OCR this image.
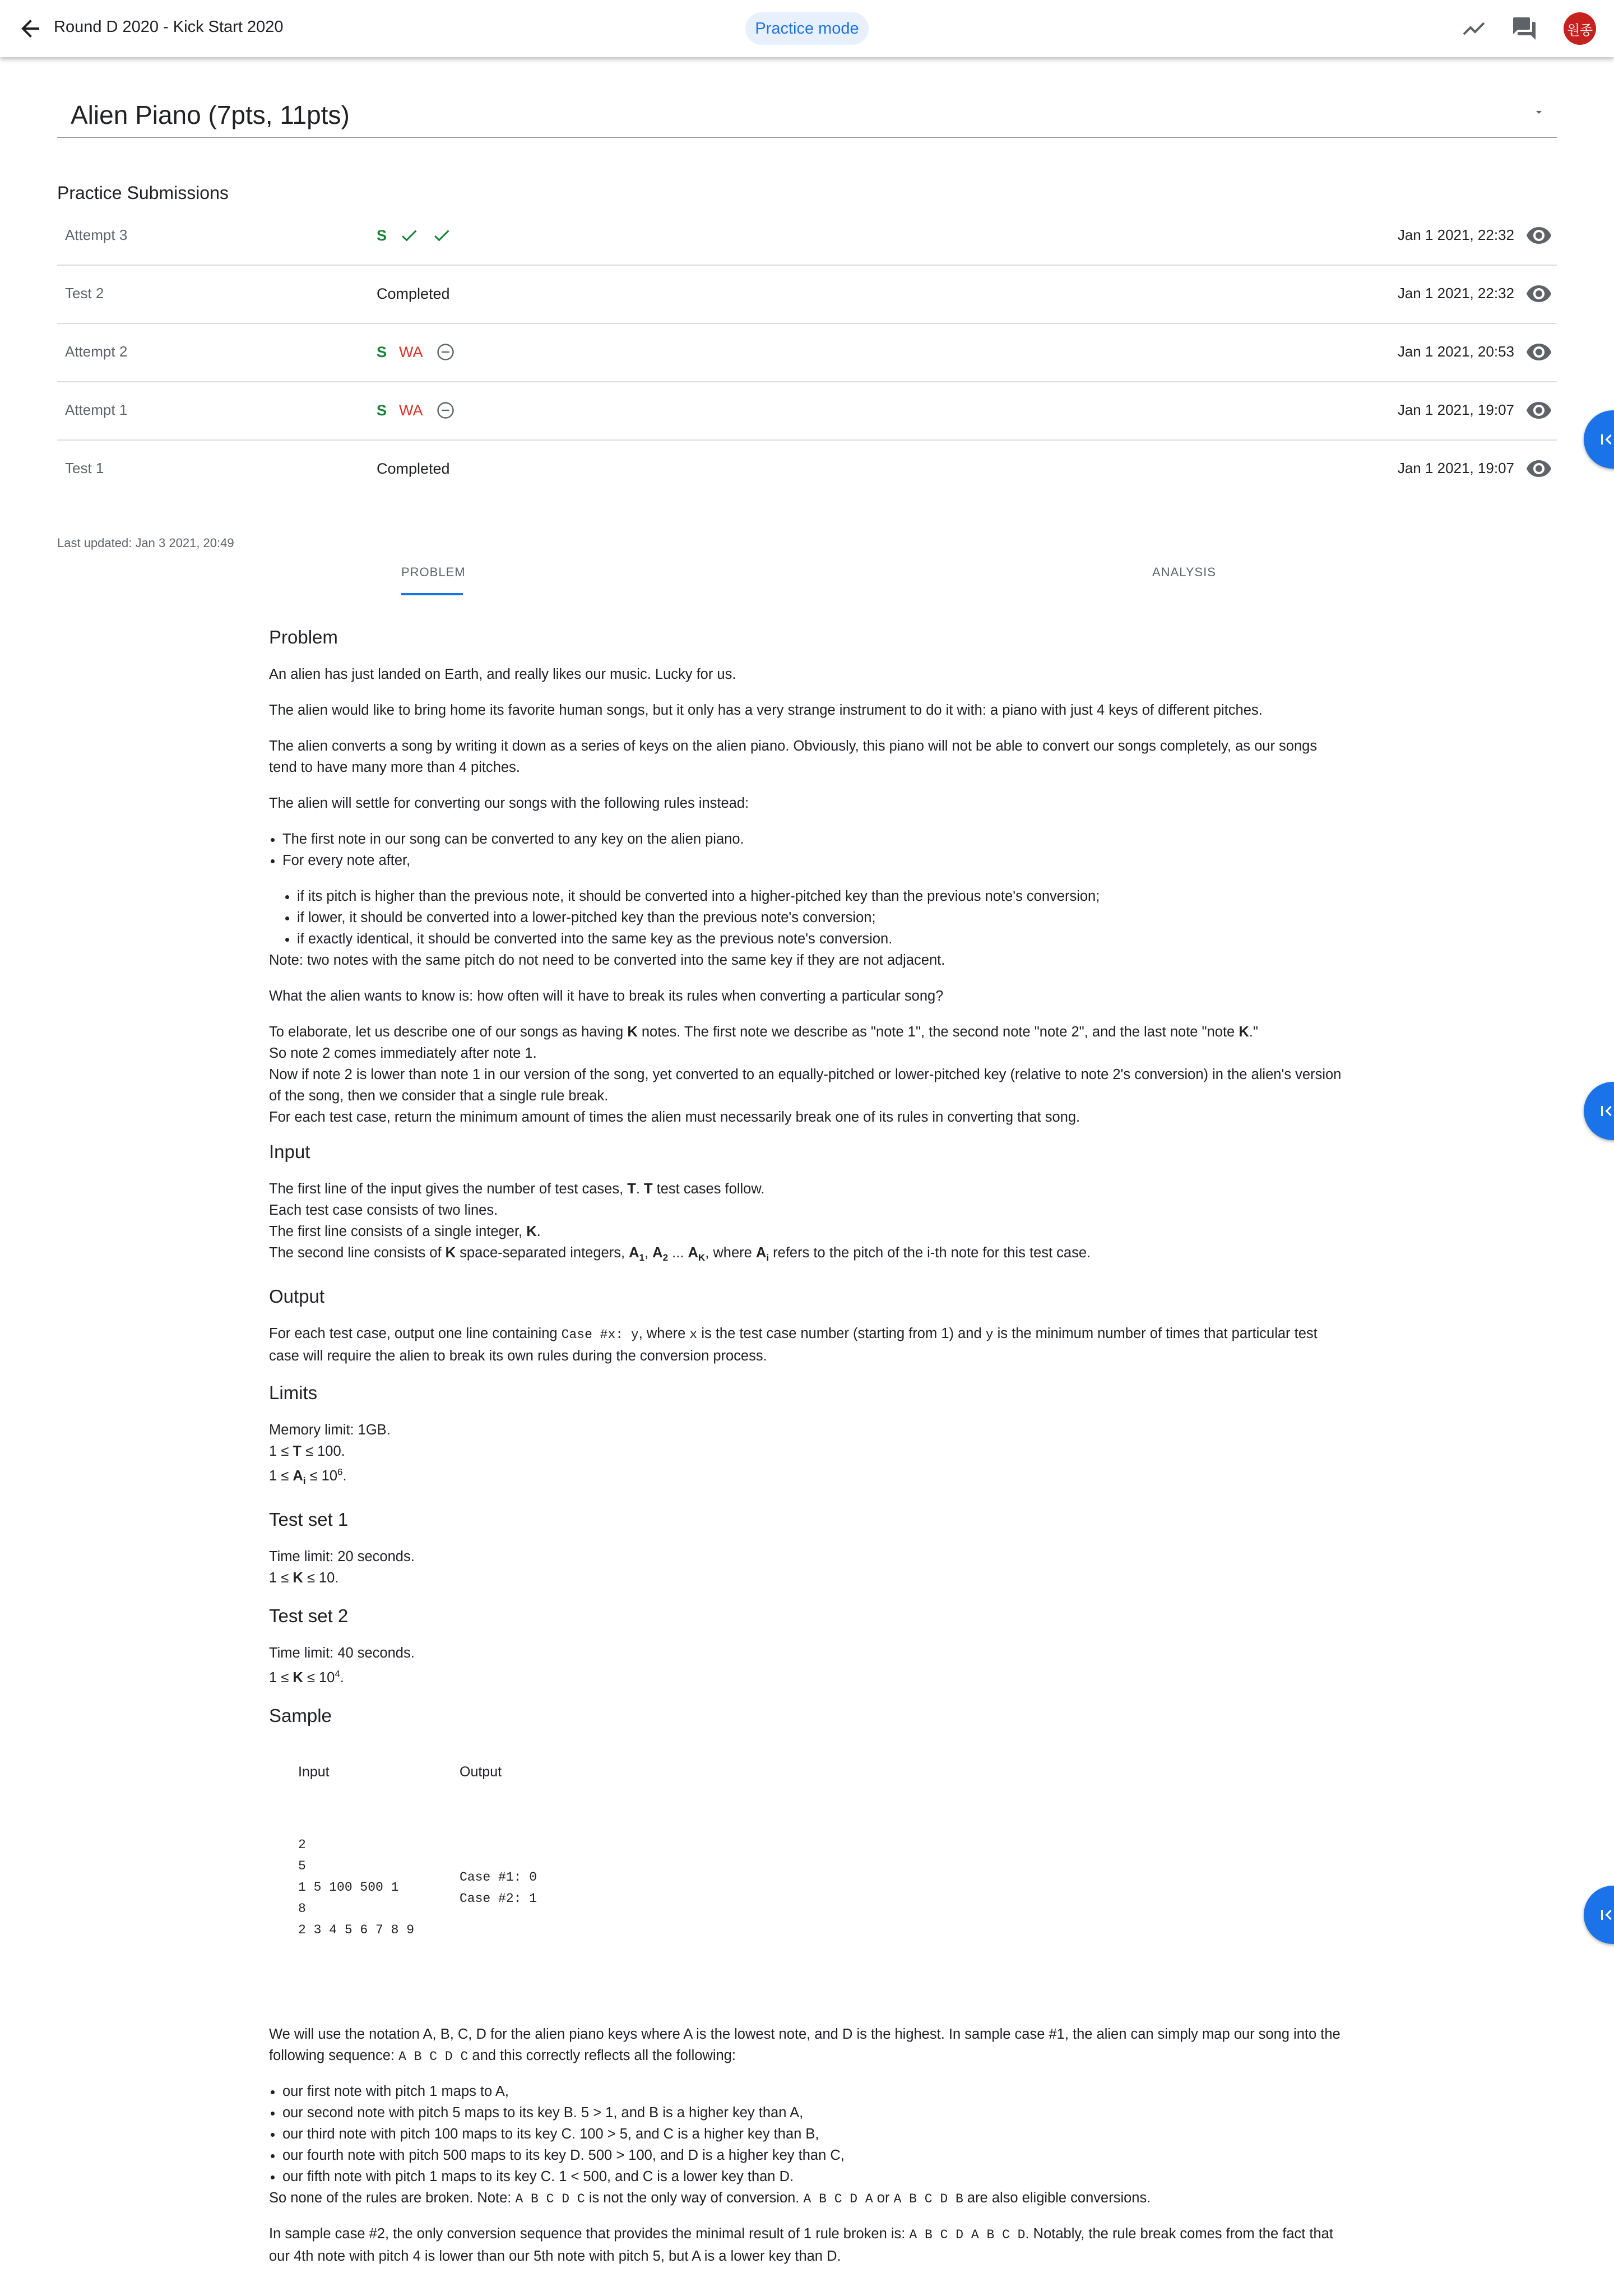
Round D 2020 - Kick Start 2020	Practice mode	원종
Alien Piano (7pts, 11pts)
Practice Submissions
Attempt 3	S	Jan 1 2021, 22:32
Test 2	Completed	Jan 1 2021, 22:32
Attempt 2	S WA	Jan 1 2021, 20:53
Attempt 1	S WA	Jan 1 2021, 19:07
Test 1	Completed	Jan 1 2021, 19:07
Last updated: Jan 3 2021, 20:49
PROBLEM	ANALYSIS
Problem

An alien has just landed on Earth, and really likes our music. Lucky for us.

The alien would like to bring home its favorite human songs, but it only has a very strange instrument to do it with: a piano with just 4 keys of different pitches.

The alien converts a song by writing it down as a series of keys on the alien piano. Obviously, this piano will not be able to convert our songs completely, as our songs tend to have many more than 4 pitches.

The alien will settle for converting our songs with the following rules instead:

• The first note in our song can be converted to any key on the alien piano.
• For every note after,
• if its pitch is higher than the previous note, it should be converted into a higher-pitched key than the previous note's conversion;
• if lower, it should be converted into a lower-pitched key than the previous note's conversion;
• if exactly identical, it should be converted into the same key as the previous note's conversion.

Note: two notes with the same pitch do not need to be converted into the same key if they are not adjacent.

What the alien wants to know is: how often will it have to break its rules when converting a particular song?

To elaborate, let us describe one of our songs as having K notes. The first note we describe as "note 1", the second note "note 2", and the last note "note K."
So note 2 comes immediately after note 1.
Now if note 2 is lower than note 1 in our version of the song, yet converted to an equally-pitched or lower-pitched key (relative to note 2's conversion) in the alien's version of the song, then we consider that a single rule break.
For each test case, return the minimum amount of times the alien must necessarily break one of its rules in converting that song.
Input
The first line of the input gives the number of test cases, T. T test cases follow.
Each test case consists of two lines.
The first line consists of a single integer, K.
The second line consists of K space-separated integers, $A_1$, $A_2$ ... $A_K$, where $A_i$ refers to the pitch of the i-th note for this test case.
Output
For each test case, output one line containing Case #x: y, where x is the test case number (starting from 1) and y is the minimum number of times that particular test case will require the alien to break its own rules during the conversion process.
Limits
Memory limit: 1GB.
1 ≤ T ≤ 100.
$1 \le A_i \le 10^6$.
Test set 1
Time limit: 20 seconds.
1 ≤ K ≤ 10.
Test set 2
Time limit: 40 seconds.
$1 \le K \le 10^4$.
Sample
Input	Output
2
5
1 5 100 500 1
8
2 3 4 5 6 7 8 9
Case #1: 0
Case #2: 1
We will use the notation A, B, C, D for the alien piano keys where A is the lowest note, and D is the highest. In sample case #1, the alien can simply map our song into the following sequence: A B C D C and this correctly reflects all the following:
• our first note with pitch 1 maps to A,
• our second note with pitch 5 maps to its key B. 5 > 1, and B is a higher key than A,
• our third note with pitch 100 maps to its key C. 100 > 5, and C is a higher key than B,
• our fourth note with pitch 500 maps to its key D. 500 > 100, and D is a higher key than C,
• our fifth note with pitch 1 maps to its key C. 1 < 500, and C is a lower key than D.
So none of the rules are broken. Note: A B C D C is not the only way of conversion. A B C D A or A B C D B are also eligible conversions.
In sample case #2, the only conversion sequence that provides the minimal result of 1 rule broken is: A B C D A B C D. Notably, the rule break comes from the fact that our 4th note with pitch 4 is lower than our 5th note with pitch 5, but A is a lower key than D.
